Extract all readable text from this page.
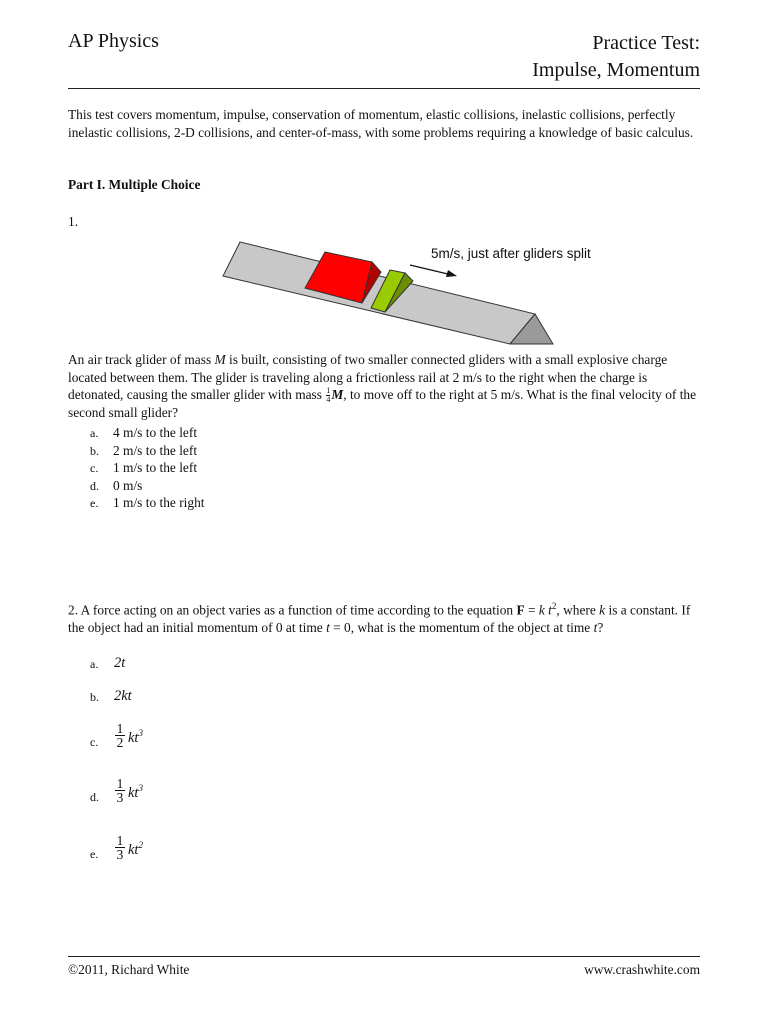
AP Physics	Practice Test:
Impulse, Momentum
This test covers momentum, impulse, conservation of momentum, elastic collisions, inelastic collisions, perfectly inelastic collisions, 2-D collisions, and center-of-mass, with some problems requiring a knowledge of basic calculus.
Part I. Multiple Choice
1.
5m/s, just after gliders split
An air track glider of mass M is built, consisting of two smaller connected gliders with a small explosive charge located between them. The glider is traveling along a frictionless rail at 2 m/s to the right when the charge is detonated, causing the smaller glider with mass $\frac{1}{4} M$, to move off to the right at 5 m/s. What is the final velocity of the second small glider?
a. 4 m/s to the left
b. 2 m/s to the left
c. 1 m/s to the left
d. 0 m/s
e. 1 m/s to the right
2. A force acting on an object varies as a function of time according to the equation F = k $t^2$, where k is a constant. If the object had an initial momentum of 0 at time t = 0, what is the momentum of the object at time t?
a. 2t
b. 2kt
c. $\frac{1}{2} kt^3$
d. $\frac{1}{3} kt^3$
e. $\frac{1}{3} kt^2$
©2011, Richard White	www.crashwhite.com
